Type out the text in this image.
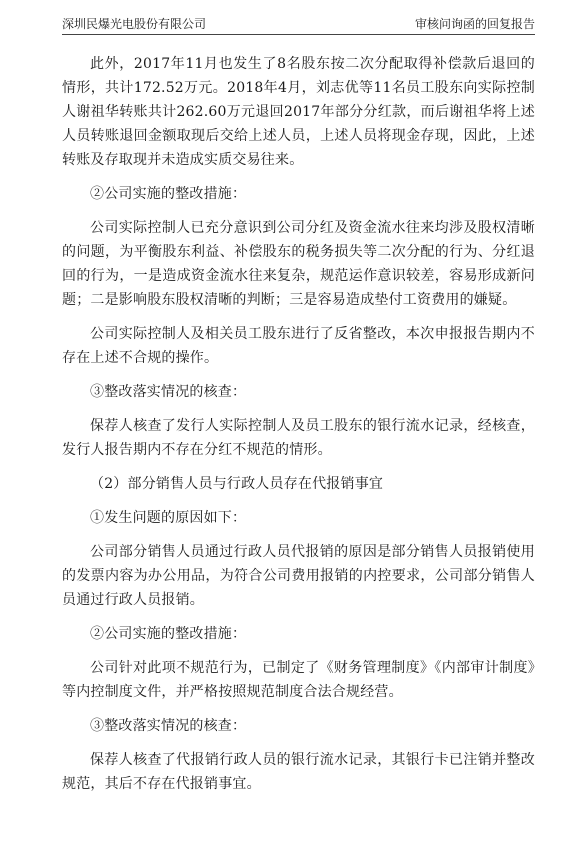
深圳民爆光电股份有限公司	审核问询函的回复报告

此外，2017年11月也发生了8名股东按二次分配取得补偿款后退回的情形，共计172.52万元。2018年4月，刘志优等11名员工股东向实际控制人谢祖华转账共计262.60万元退回2017年部分分红款，而后谢祖华将上述人员转账退回金额取现后交给上述人员，上述人员将现金存现，因此，上述转账及存取现并未造成实质交易往来。

②公司实施的整改措施：

公司实际控制人已充分意识到公司分红及资金流水往来均涉及股权清晰的问题，为平衡股东利益、补偿股东的税务损失等二次分配的行为、分红退回的行为，一是造成资金流水往来复杂，规范运作意识较差，容易形成新问题；二是影响股东股权清晰的判断；三是容易造成垫付工资费用的嫌疑。

公司实际控制人及相关员工股东进行了反省整改，本次申报报告期内不存在上述不合规的操作。

③整改落实情况的核查：

保荐人核查了发行人实际控制人及员工股东的银行流水记录，经核查，发行人报告期内不存在分红不规范的情形。

（2）部分销售人员与行政人员存在代报销事宜

①发生问题的原因如下：

公司部分销售人员通过行政人员代报销的原因是部分销售人员报销使用的发票内容为办公用品，为符合公司费用报销的内控要求，公司部分销售人员通过行政人员报销。

②公司实施的整改措施：

公司针对此项不规范行为，已制定了《财务管理制度》《内部审计制度》等内控制度文件，并严格按照规范制度合法合规经营。

③整改落实情况的核查：

保荐人核查了代报销行政人员的银行流水记录，其银行卡已注销并整改规范，其后不存在代报销事宜。
